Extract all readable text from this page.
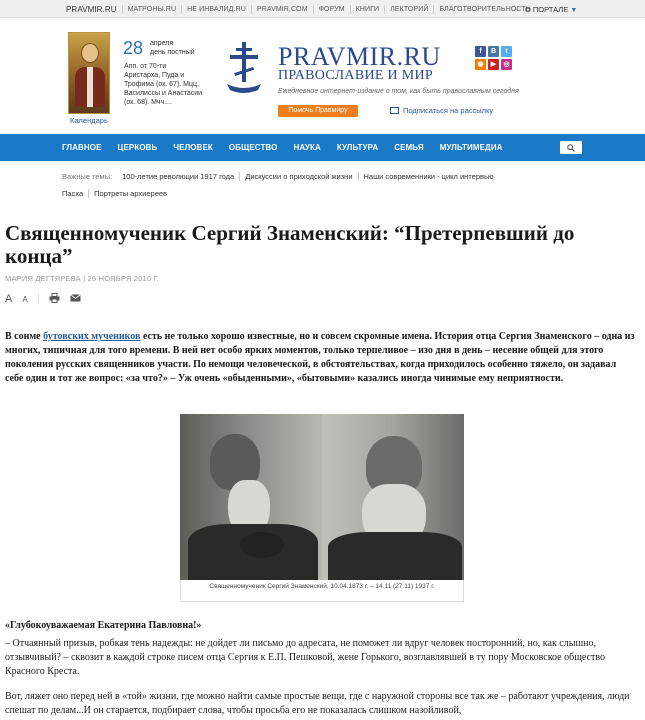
PRAVMIR.RU	МАТРОНЫ.RU	НЕ ИНВАЛИД.RU	PRAVMIR.COM	ФОРУМ	КНИГИ	ЛЕКТОРИЙ	БЛАГОТВОРИТЕЛЬНОСТЬ
О ПОРТАЛЕ ▼
Календарь
28 апреля
день постный
Апп. от 70-ти Аристарха, Пуда и Трофима (ок. 67). Мцц. Василиссы и Анастасии (ок. 68). Мчч....
PRAVMIR.RU
ПРАВОСЛАВИЕ И МИР
Ежедневное интернет-издание о том, как быть православным сегодня
Помочь Правмиру	Подписаться на рассылку
f	В	t
◉	▶	◎
ГЛАВНОЕ	ЦЕРКОВЬ	ЧЕЛОВЕК	ОБЩЕСТВО	НАУКА	КУЛЬТУРА	СЕМЬЯ	МУЛЬТИМЕДИА
Важные темы: 100-летие революции 1917 года Дискуссии о приходской жизни Наши современники - цикл интервью
Пасха Портреты архиереев
Священномученик Сергий Знаменский: “Претерпевший до конца”
МАРИЯ ДЕГТЯРЕВА | 26 НОЯБРЯ 2010 Г.
A A

В сонме бутовских мучеников есть не только хорошо известные, но и совсем скромные имена. История отца Сергия Знаменского – одна из многих, типичная для того времени. В ней нет особо ярких моментов, только терпеливое – изо дня в день – несение общей для этого поколения русских священников участи. По немощи человеческой, в обстоятельствах, когда приходилось особенно тяжело, он задавал себе один и тот же вопрос: «за что?» – Уж очень «обыденными», «бытовыми» казались иногда чинимые ему неприятности.

Священномученик Сергий Знаменский. 10.04.1873 г. – 14.11 (27.11) 1937 г.
«Глубокоуважаемая Екатерина Павловна!»

– Отчаянный призыв, робкая тень надежды: не дойдет ли письмо до адресата, не поможет ли вдруг человек посторонний, но, как слышно, отзывчивый? – сквозит в каждой строке писем отца Сергия к Е.П. Пешковой, жене Горького, возглавлявшей в ту пору Московское общество Красного Креста.

Вот, ляжет оно перед ней в «той» жизни, где можно найти самые простые вещи, где с наружной стороны все так же – работают учреждения, люди спешат по делам...И он старается, подбирает слова, чтобы просьба его не показалась слишком назойливой,
